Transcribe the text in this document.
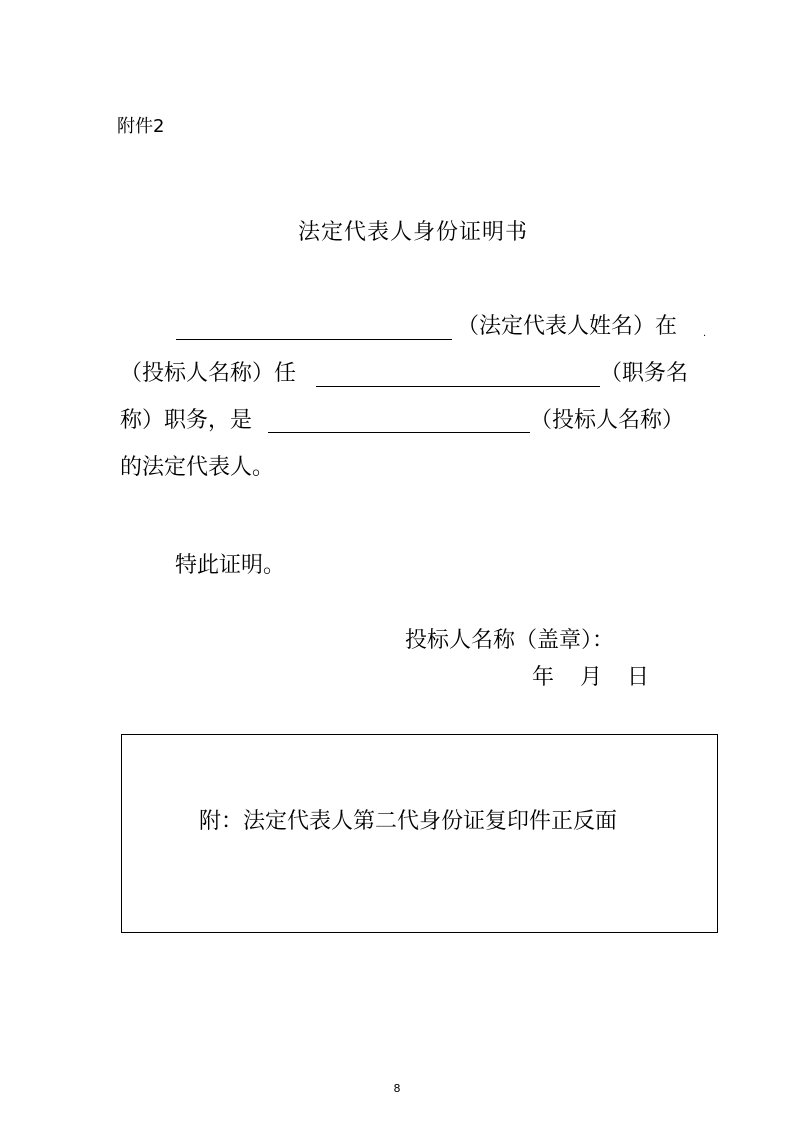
附件2
法定代表人身份证明书
（法定代表人姓名）在	.
（投标人名称）任	（职务名
称）职务，是	（投标人名称）
的法定代表人。
特此证明。
投标人名称（盖章）：
年 月 日
附：法定代表人第二代身份证复印件正反面
8
